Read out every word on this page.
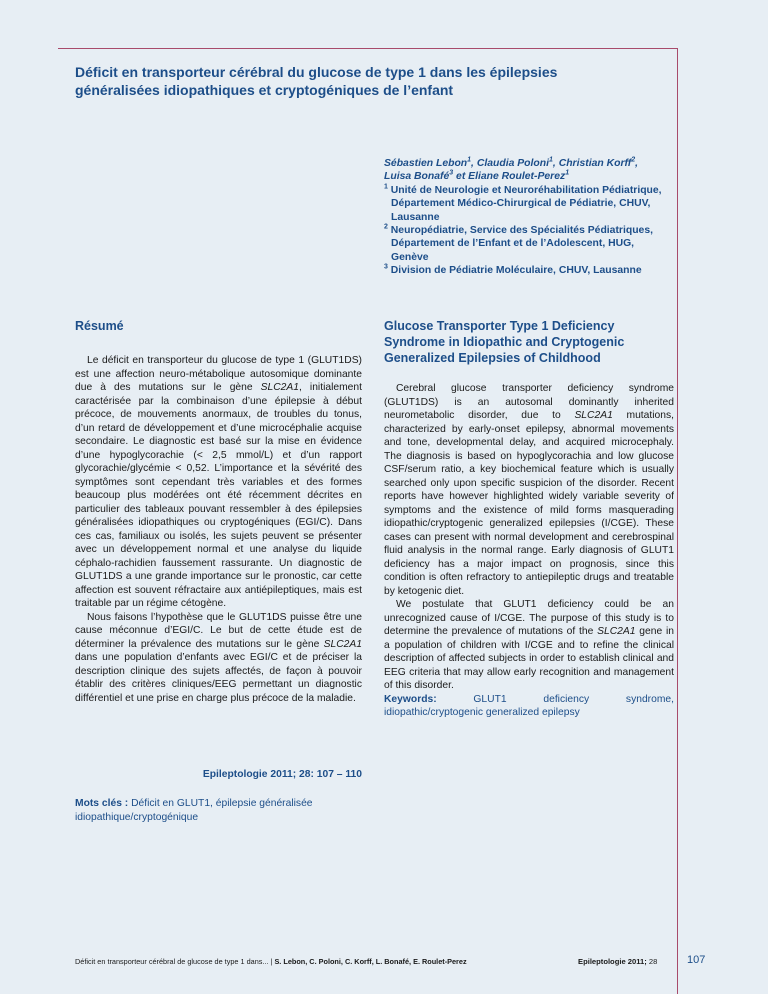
Déficit en transporteur cérébral du glucose de type 1 dans les épilepsies généralisées idiopathiques et cryptogéniques de l’enfant
Sébastien Lebon$^1$, Claudia Poloni$^1$, Christian Korff$^2$, Luisa Bonafé$^3$ et Eliane Roulet-Perez$^1$
$^1$ Unité de Neurologie et Neuroréhabilitation Pédiatrique, Département Médico-Chirurgical de Pédiatrie, CHUV, Lausanne
$^2$ Neuropédiatrie, Service des Spécialités Pédiatriques, Département de l’Enfant et de l’Adolescent, HUG, Genève
$^3$ Division de Pédiatrie Moléculaire, CHUV, Lausanne
Résumé

Le déficit en transporteur du glucose de type 1 (GLUT1DS) est une affection neuro-métabolique autosomique dominante due à des mutations sur le gène SLC2A1, initialement caractérisée par la combinaison d’une épilepsie à début précoce, de mouvements anormaux, de troubles du tonus, d’un retard de développement et d’une microcéphalie acquise secondaire. Le diagnostic est basé sur la mise en évidence d’une hypoglycorachie (< 2,5 mmol/L) et d’un rapport glycorachie/glycémie < 0,52. L’importance et la sévérité des symptômes sont cependant très variables et des formes beaucoup plus modérées ont été récemment décrites en particulier des tableaux pouvant ressembler à des épilepsies généralisées idiopathiques ou cryptogéniques (EGI/C). Dans ces cas, familiaux ou isolés, les sujets peuvent se présenter avec un développement normal et une analyse du liquide céphalo-rachidien faussement rassurante. Un diagnostic de GLUT1DS a une grande importance sur le pronostic, car cette affection est souvent réfractaire aux antiépileptiques, mais est traitable par un régime cétogène.

Nous faisons l’hypothèse que le GLUT1DS puisse être une cause méconnue d’EGI/C. Le but de cette étude est de déterminer la prévalence des mutations sur le gène SLC2A1 dans une population d’enfants avec EGI/C et de préciser la description clinique des sujets affectés, de façon à pouvoir établir des critères cliniques/EEG permettant un diagnostic différentiel et une prise en charge plus précoce de la maladie.

Epileptologie 2011; 28: 107 – 110
Mots clés : Déficit en GLUT1, épilepsie généralisée idiopathique/cryptogénique
Glucose Transporter Type 1 Deficiency Syndrome in Idiopathic and Cryptogenic Generalized Epilepsies of Childhood

Cerebral glucose transporter deficiency syndrome (GLUT1DS) is an autosomal dominantly inherited neurometabolic disorder, due to SLC2A1 mutations, characterized by early-onset epilepsy, abnormal movements and tone, developmental delay, and acquired microcephaly. The diagnosis is based on hypoglycorachia and low glucose CSF/serum ratio, a key biochemical feature which is usually searched only upon specific suspicion of the disorder. Recent reports have however highlighted widely variable severity of symptoms and the existence of mild forms masquerading idiopathic/cryptogenic generalized epilepsies (I/CGE). These cases can present with normal development and cerebrospinal fluid analysis in the normal range. Early diagnosis of GLUT1 deficiency has a major impact on prognosis, since this condition is often refractory to antiepileptic drugs and treatable by ketogenic diet.

We postulate that GLUT1 deficiency could be an unrecognized cause of I/CGE. The purpose of this study is to determine the prevalence of mutations of the SLC2A1 gene in a population of children with I/CGE and to refine the clinical description of affected subjects in order to establish clinical and EEG criteria that may allow early recognition and management of this disorder.

Keywords: GLUT1 deficiency syndrome, idiopathic/cryptogenic generalized epilepsy

Déficit en transporteur cérébral de glucose de type 1 dans... | S. Lebon, C. Poloni, C. Korff, L. Bonafé, E. Roulet-Perez	Epileptologie 2011; 28	107
